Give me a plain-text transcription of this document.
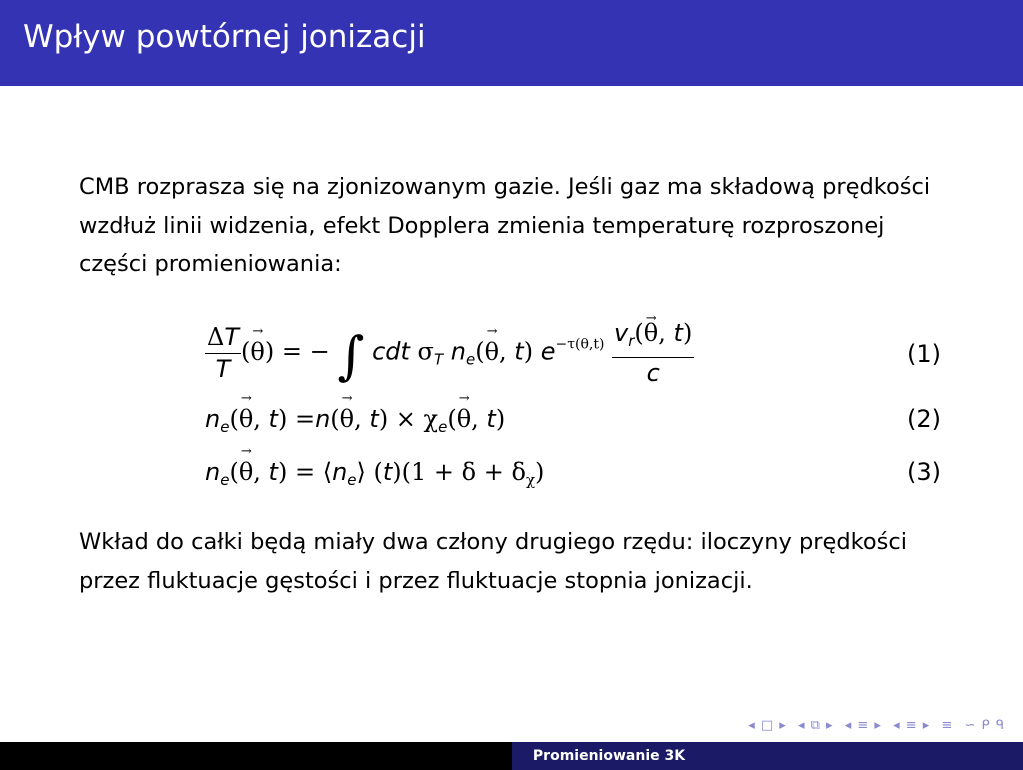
Wpływ powtórnej jonizacji
CMB rozprasza się na zjonizowanym gazie. Jeśli gaz ma składową prędkości wzdłuż linii widzenia, efekt Dopplera zmienia temperaturę rozproszonej części promieniowania:
$\frac{\Delta T}{T}$ (→ θ) = − ∫ cdt $\sigma_T$ $n_e(\to \theta$, t) $e^{-\tau(\theta,t)} \frac{v_r(\to \theta, t)}{c}$	(1)
$n_e(\to \theta$, t) =n(→ θ, $t) \times \chi_e(\to \theta$, t)	(2)
$n_e(\to \theta$, $t) = ⟨n_e⟩$ $(t)(1 + \delta + \delta_\chi)$	(3)
Wkład do całki będą miały dwa człony drugiego rzędu: iloczyny prędkości przez fluktuacje gęstości i przez fluktuacje stopnia jonizacji.
◂ □ ▸ ◂ ⧉ ▸ ◂ ≡ ▸ ◂ ≡ ▸ ≡ ∽ ᑭ ᑫ
Promieniowanie 3K
